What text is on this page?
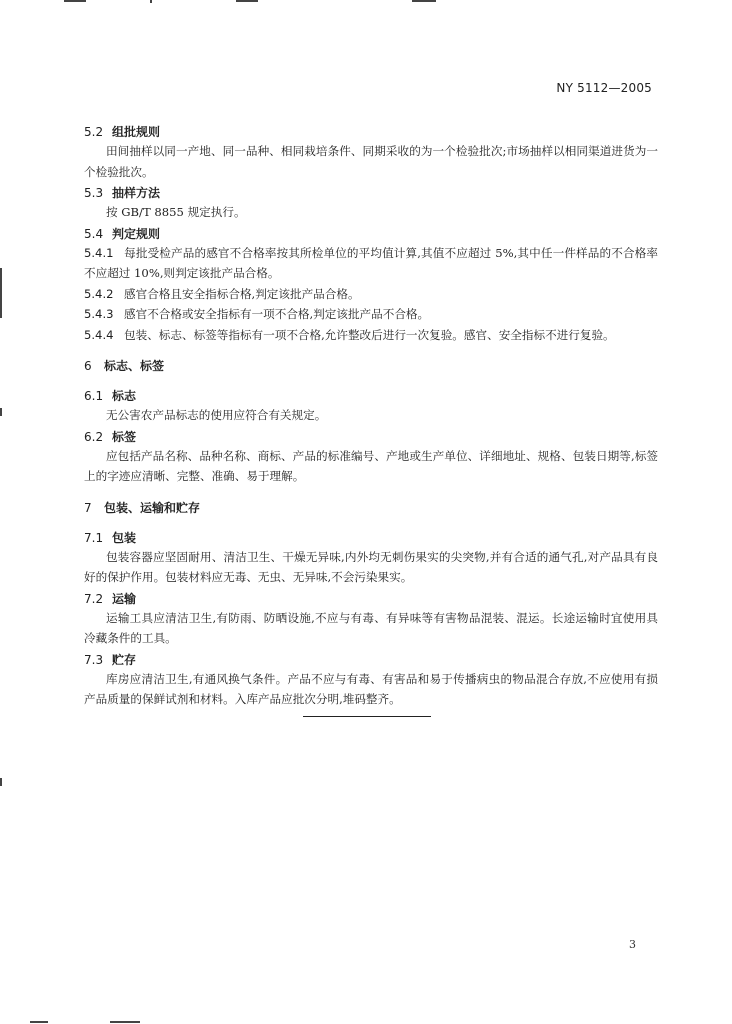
NY 5112—2005
5.2 组批规则
田间抽样以同一产地、同一品种、相同栽培条件、同期采收的为一个检验批次;市场抽样以相同渠道进货为一个检验批次。
5.3 抽样方法
按 GB/T 8855 规定执行。
5.4 判定规则
5.4.1 每批受检产品的感官不合格率按其所检单位的平均值计算,其值不应超过 5%,其中任一件样品的不合格率不应超过 10%,则判定该批产品合格。
5.4.2 感官合格且安全指标合格,判定该批产品合格。
5.4.3 感官不合格或安全指标有一项不合格,判定该批产品不合格。
5.4.4 包装、标志、标签等指标有一项不合格,允许整改后进行一次复验。感官、安全指标不进行复验。
6 标志、标签
6.1 标志
无公害农产品标志的使用应符合有关规定。
6.2 标签
应包括产品名称、品种名称、商标、产品的标准编号、产地或生产单位、详细地址、规格、包装日期等,标签上的字迹应清晰、完整、准确、易于理解。
7 包装、运输和贮存
7.1 包装
包装容器应坚固耐用、清洁卫生、干燥无异味,内外均无刺伤果实的尖突物,并有合适的通气孔,对产品具有良好的保护作用。包装材料应无毒、无虫、无异味,不会污染果实。
7.2 运输
运输工具应清洁卫生,有防雨、防晒设施,不应与有毒、有异味等有害物品混装、混运。长途运输时宜使用具冷藏条件的工具。
7.3 贮存
库房应清洁卫生,有通风换气条件。产品不应与有毒、有害品和易于传播病虫的物品混合存放,不应使用有损产品质量的保鲜试剂和材料。入库产品应批次分明,堆码整齐。
3
